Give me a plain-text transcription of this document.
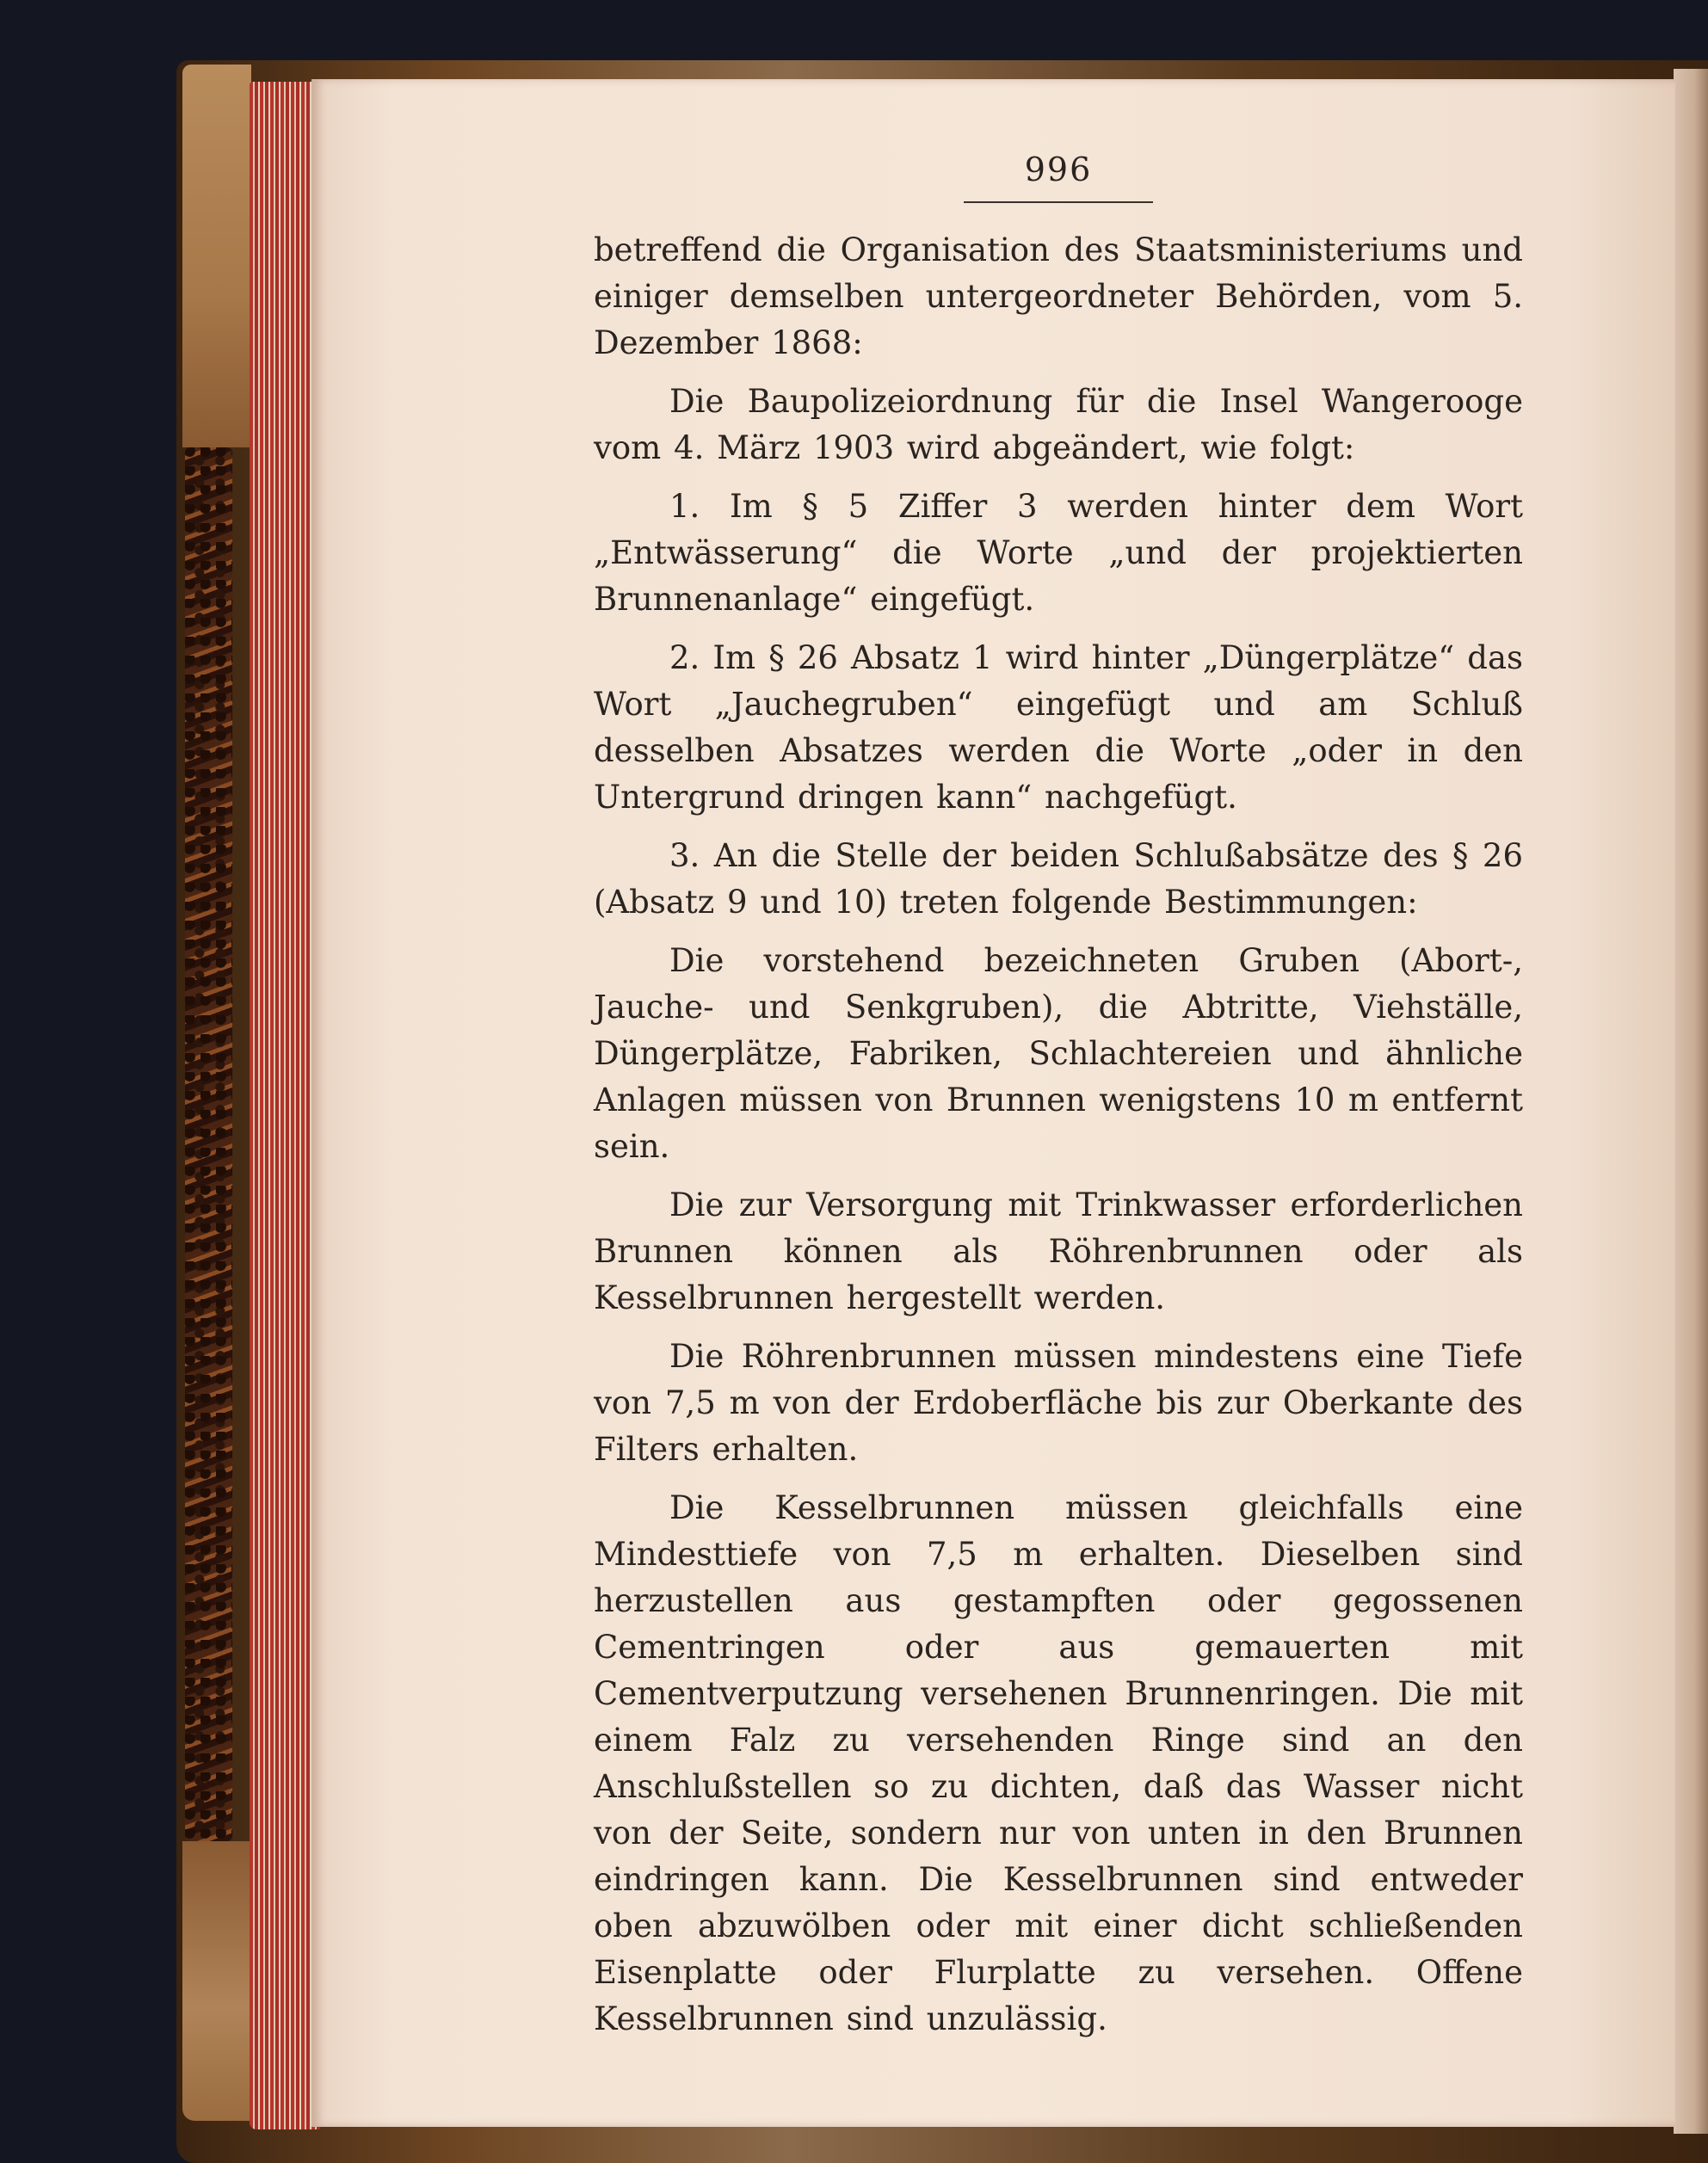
996

betreffend die Organisation des Staatsministeriums und einiger demselben untergeordneter Behörden, vom 5. Dezember 1868:

Die Baupolizeiordnung für die Insel Wangerooge vom 4. März 1903 wird abgeändert, wie folgt:

1. Im § 5 Ziffer 3 werden hinter dem Wort „Entwässerung“ die Worte „und der projektierten Brunnenanlage“ eingefügt.

2. Im § 26 Absatz 1 wird hinter „Düngerplätze“ das Wort „Jauchegruben“ eingefügt und am Schluß desselben Absatzes werden die Worte „oder in den Untergrund dringen kann“ nachgefügt.

3. An die Stelle der beiden Schlußabsätze des § 26 (Absatz 9 und 10) treten folgende Bestimmungen:

Die vorstehend bezeichneten Gruben (Abort-, Jauche- und Senkgruben), die Abtritte, Viehställe, Düngerplätze, Fabriken, Schlachtereien und ähnliche Anlagen müssen von Brunnen wenigstens 10 m entfernt sein.

Die zur Versorgung mit Trinkwasser erforderlichen Brunnen können als Röhrenbrunnen oder als Kesselbrunnen hergestellt werden.

Die Röhrenbrunnen müssen mindestens eine Tiefe von 7,5 m von der Erdoberfläche bis zur Oberkante des Filters erhalten.

Die Kesselbrunnen müssen gleichfalls eine Mindesttiefe von 7,5 m erhalten. Dieselben sind herzustellen aus gestampften oder gegossenen Cementringen oder aus gemauerten mit Cementverputzung versehenen Brunnenringen. Die mit einem Falz zu versehenden Ringe sind an den Anschlußstellen so zu dichten, daß das Wasser nicht von der Seite, sondern nur von unten in den Brunnen eindringen kann. Die Kesselbrunnen sind entweder oben abzuwölben oder mit einer dicht schließenden Eisenplatte oder Flurplatte zu versehen. Offene Kesselbrunnen sind unzulässig.
